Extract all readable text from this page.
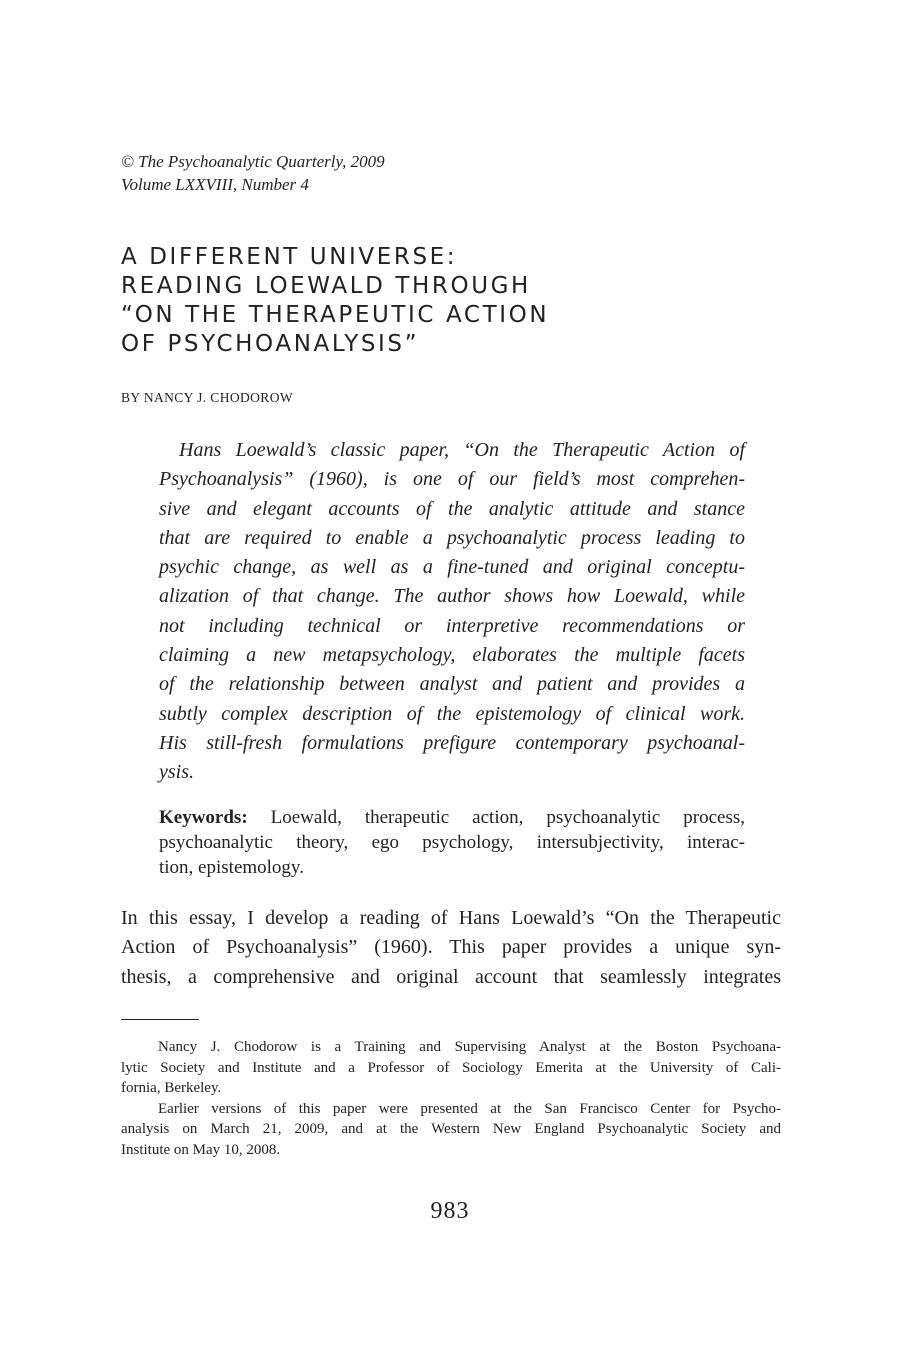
© The Psychoanalytic Quarterly, 2009
Volume LXXVIII, Number 4
A DIFFERENT UNIVERSE:
READING LOEWALD THROUGH
“ON THE THERAPEUTIC ACTION
OF PSYCHOANALYSIS”
BY NANCY J. CHODOROW
Hans Loewald’s classic paper, “On the Therapeutic Action of
Psychoanalysis” (1960), is one of our field’s most comprehen-
sive and elegant accounts of the analytic attitude and stance
that are required to enable a psychoanalytic process leading to
psychic change, as well as a fine-tuned and original conceptu-
alization of that change. The author shows how Loewald, while
not including technical or interpretive recommendations or
claiming a new metapsychology, elaborates the multiple facets
of the relationship between analyst and patient and provides a
subtly complex description of the epistemology of clinical work.
His still-fresh formulations prefigure contemporary psychoanal-
ysis.
Keywords: Loewald, therapeutic action, psychoanalytic process,
psychoanalytic theory, ego psychology, intersubjectivity, interac-
tion, epistemology.
In this essay, I develop a reading of Hans Loewald’s “On the Therapeutic
Action of Psychoanalysis” (1960). This paper provides a unique syn-
thesis, a comprehensive and original account that seamlessly integrates
Nancy J. Chodorow is a Training and Supervising Analyst at the Boston Psychoana-
lytic Society and Institute and a Professor of Sociology Emerita at the University of Cali-
fornia, Berkeley.
Earlier versions of this paper were presented at the San Francisco Center for Psycho-
analysis on March 21, 2009, and at the Western New England Psychoanalytic Society and
Institute on May 10, 2008.
983
